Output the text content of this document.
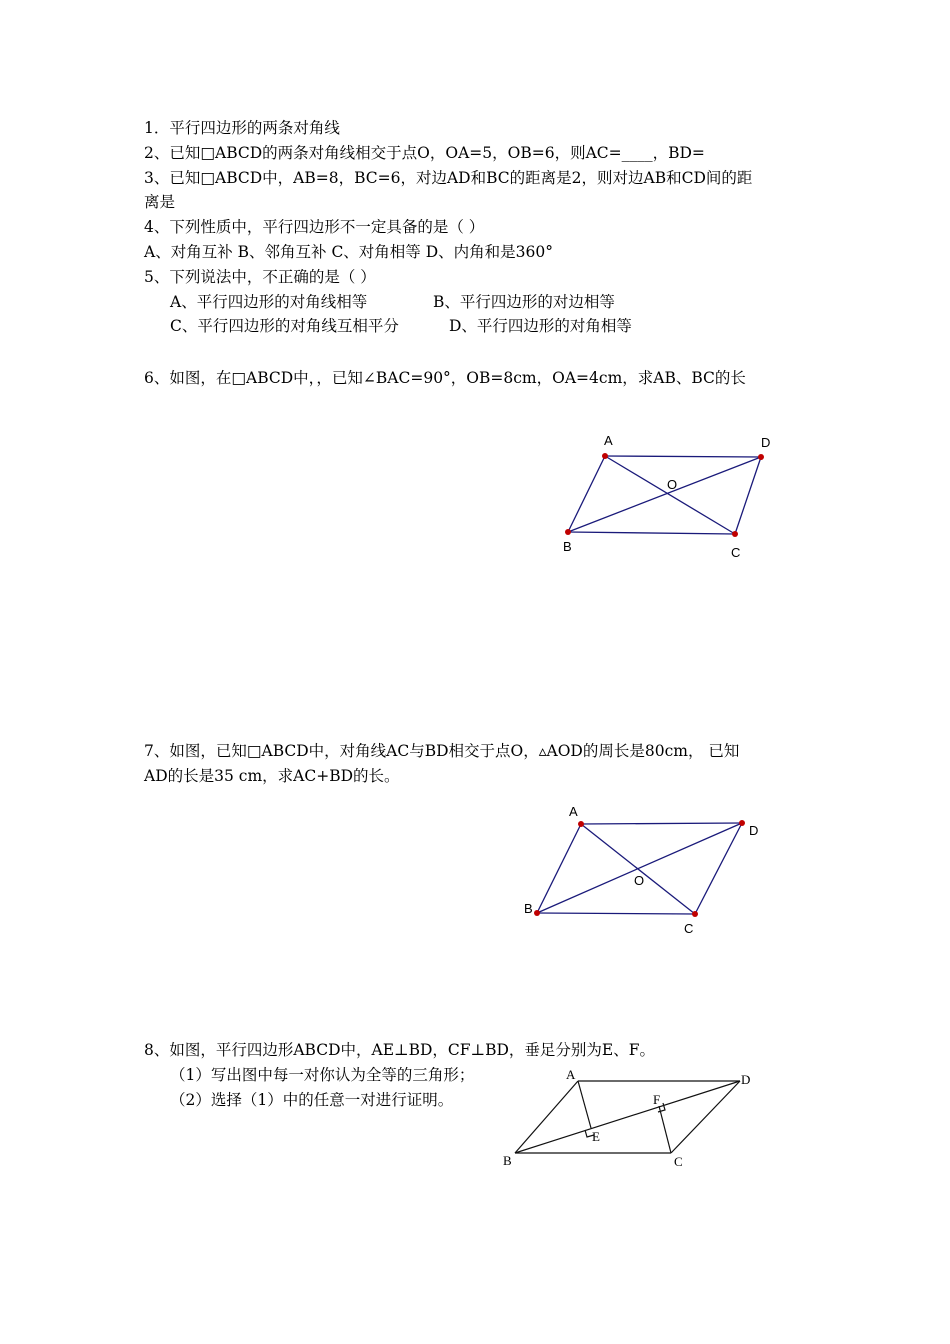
1．平行四边形的两条对角线
2、已知□ABCD的两条对角线相交于点O，OA=5，OB=6，则AC=____，BD=
3、已知□ABCD中，AB=8，BC=6，对边AD和BC的距离是2，则对边AB和CD间的距
离是
4、下列性质中，平行四边形不一定具备的是（ ）
A、对角互补 B、邻角互补 C、对角相等 D、内角和是360°
5、下列说法中，不正确的是（ ）
A、平行四边形的对角线相等	B、平行四边形的对边相等
C、平行四边形的对角线互相平分	D、平行四边形的对角相等
6、如图，在□ABCD中，，已知∠BAC=90°，OB=8cm，OA=4cm，求AB、BC的长
A	D
O
B	C
7、如图，已知□ABCD中，对角线AC与BD相交于点O，▵AOD的周长是80cm， 已知
AD的长是35 cm，求AC+BD的长。
A
D
O
B
C
8、如图，平行四边形ABCD中，AE⊥BD，CF⊥BD，垂足分别为E、F。
（1）写出图中每一对你认为全等的三角形；
（2）选择（1）中的任意一对进行证明。
A	D
F
E
B	C
